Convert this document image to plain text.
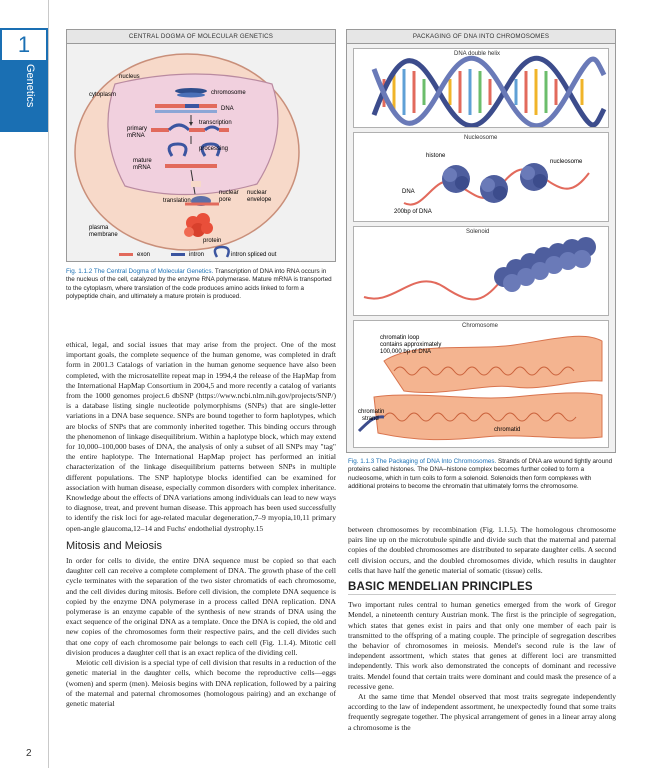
1
Genetics
2
CENTRAL DOGMA OF MOLECULAR GENETICS
nucleus
cytoplasm	chromosome
DNA
transcription
primary mRNA
processing
mature mRNA
translation
nuclear pore
nuclear envelope
plasma membrane
protein
exon	intron	intron spliced out
Fig. 1.1.2 The Central Dogma of Molecular Genetics. Transcription of DNA into RNA occurs in the nucleus of the cell, catalyzed by the enzyme RNA polymerase. Mature mRNA is transported to the cytoplasm, where translation of the code produces amino acids linked to form a polypeptide chain, and ultimately a mature protein is produced.
PACKAGING OF DNA INTO CHROMOSOMES
DNA double helix
Nucleosome
histone
DNA
200bp of DNA
nucleosome
Solenoid
Chromosome
chromatin loop contains approximately 100,000 bp of DNA
chromatin strand
chromatid
Fig. 1.1.3 The Packaging of DNA Into Chromosomes. Strands of DNA are wound tightly around proteins called histones. The DNA–histone complex becomes further coiled to form a nucleosome, which in turn coils to form a solenoid. Solenoids then form complexes with additional proteins to become the chromatin that ultimately forms the chromosome.

ethical, legal, and social issues that may arise from the project. One of the most important goals, the complete sequence of the human genome, was completed in draft form in 2001.3 Catalogs of variation in the human genome sequence have also been completed, with the microsatellite repeat map in 1994,4 the release of the HapMap from the International HapMap Consortium in 2004,5 and more recently a catalog of variants from the 1000 genomes project.6 dbSNP (https://www.ncbi.nlm.nih.gov/projects/SNP/) is a database listing single nucleotide polymorphisms (SNPs) that are single-letter variations in a DNA base sequence. SNPs are bound together to form haplotypes, which are blocks of SNPs that are commonly inherited together. This binding occurs through the phenomenon of linkage disequilibrium. Within a haplotype block, which may extend for 10,000–100,000 bases of DNA, the analysis of only a subset of all SNPs may "tag" the entire haplotype. The International HapMap project has performed an initial characterization of the linkage disequilibrium patterns between SNPs in multiple different populations. The SNP haplotype blocks identified can be examined for association with human disease, especially common disorders with complex inheritance. Knowledge about the effects of DNA variations among individuals can lead to new ways to diagnose, treat, and prevent human disease. This approach has been used successfully to identify the risk loci for age-related macular degeneration,7–9 myopia,10,11 primary open-angle glaucoma,12–14 and Fuchs' endothelial dystrophy.15

Mitosis and Meiosis

In order for cells to divide, the entire DNA sequence must be copied so that each daughter cell can receive a complete complement of DNA. The growth phase of the cell cycle terminates with the separation of the two sister chromatids of each chromosome, and the cell divides during mitosis. Before cell division, the complete DNA sequence is copied by the enzyme DNA polymerase in a process called DNA replication. DNA polymerase is an enzyme capable of the synthesis of new strands of DNA using the exact sequence of the original DNA as a template. Once the DNA is copied, the old and new copies of the chromosomes form their respective pairs, and the cell divides such that one copy of each chromosome pair belongs to each cell (Fig. 1.1.4). Mitotic cell division produces a daughter cell that is an exact replica of the dividing cell.

Meiotic cell division is a special type of cell division that results in a reduction of the genetic material in the daughter cells, which become the reproductive cells—eggs (women) and sperm (men). Meiosis begins with DNA replication, followed by a pairing of the maternal and paternal chromosomes (homologous pairing) and an exchange of genetic material

between chromosomes by recombination (Fig. 1.1.5). The homologous chromosome pairs line up on the microtubule spindle and divide such that the maternal and paternal copies of the doubled chromosomes are distributed to separate daughter cells. A second cell division occurs, and the doubled chromosomes divide, which results in daughter cells that have half the genetic material of somatic (tissue) cells.

BASIC MENDELIAN PRINCIPLES

Two important rules central to human genetics emerged from the work of Gregor Mendel, a nineteenth century Austrian monk. The first is the principle of segregation, which states that genes exist in pairs and that only one member of each pair is transmitted to the offspring of a mating couple. The principle of segregation describes the behavior of chromosomes in meiosis. Mendel's second rule is the law of independent assortment, which states that genes at different loci are transmitted independently. This work also demonstrated the concepts of dominant and recessive traits. Mendel found that certain traits were dominant and could mask the presence of a recessive gene.

At the same time that Mendel observed that most traits segregate independently according to the law of independent assortment, he unexpectedly found that some traits frequently segregate together. The physical arrangement of genes in a linear array along a chromosome is the
